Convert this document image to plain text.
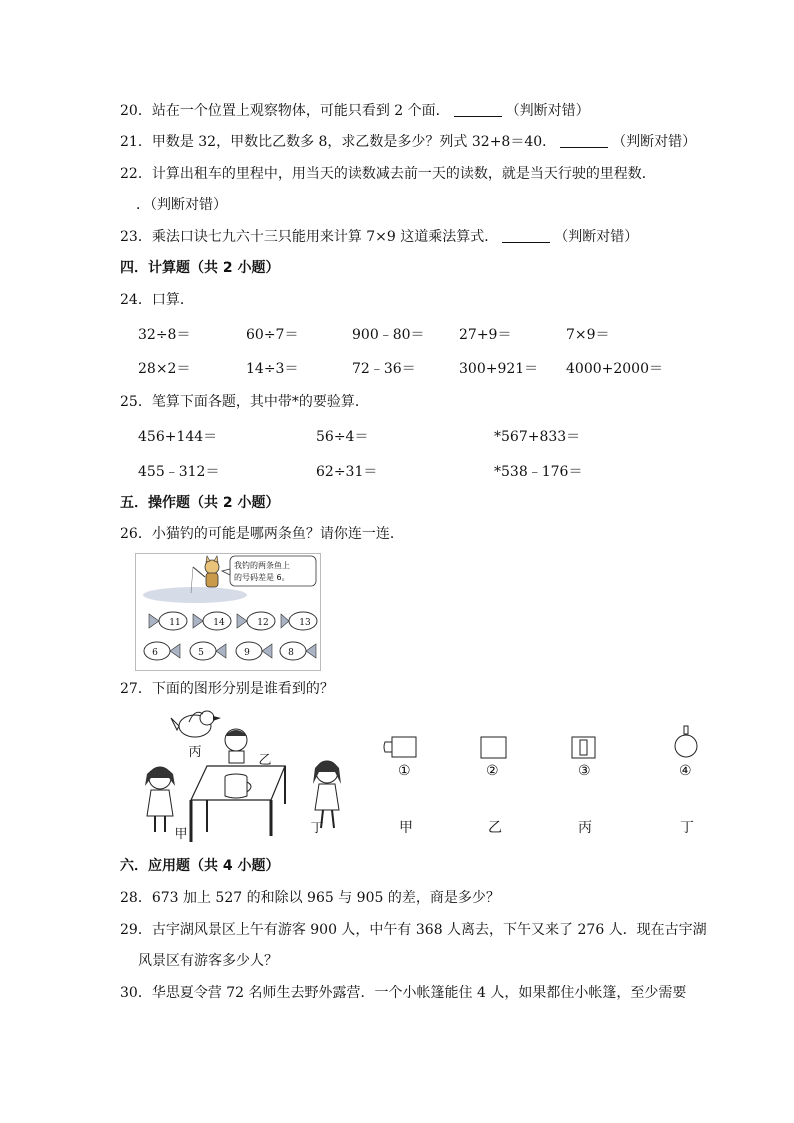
20．站在一个位置上观察物体，可能只看到 2 个面．	（判断对错）
21．甲数是 32，甲数比乙数多 8，求乙数是多少？列式 32+8＝40．	（判断对错）
22．计算出租车的里程中，用当天的读数减去前一天的读数，就是当天行驶的里程数．
．（判断对错）
23．乘法口诀七九六十三只能用来计算 7×9 这道乘法算式．	（判断对错）
四．计算题（共 2 小题）
24．口算．
32÷8＝	60÷7＝	900﹣80＝ 27+9＝	7×9＝
28×2＝	14÷3＝	72﹣36＝	300+921＝ 4000+2000＝
25．笔算下面各题，其中带*的要验算．
456+144＝	56÷4＝	*567+833＝
455﹣312＝	62÷31＝	*538﹣176＝
五．操作题（共 2 小题）
26．小猫钓的可能是哪两条鱼？请你连一连．
我钓的两条鱼上
的号码差是 6。
11	14	12	13
6	5	9	8
27．下面的图形分别是谁看到的？
丙
乙
甲	丁
①	②	③	④
甲	乙	丙	丁
六．应用题（共 4 小题）
28．673 加上 527 的和除以 965 与 905 的差，商是多少？
29．古宇湖风景区上午有游客 900 人，中午有 368 人离去，下午又来了 276 人．现在古宇湖
风景区有游客多少人？
30．华思夏令营 72 名师生去野外露营．一个小帐篷能住 4 人，如果都住小帐篷，至少需要
